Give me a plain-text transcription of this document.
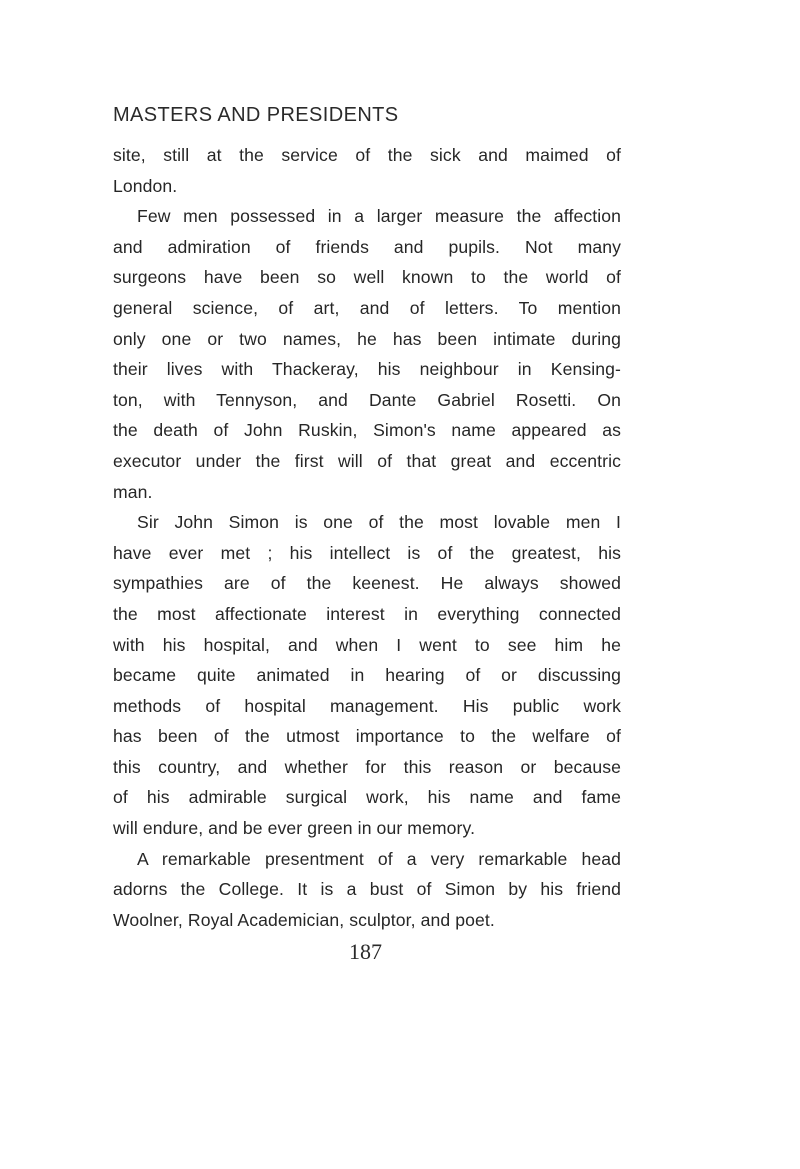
MASTERS AND PRESIDENTS
site, still at the service of the sick and maimed of
London.
Few men possessed in a larger measure the affection
and admiration of friends and pupils. Not many
surgeons have been so well known to the world of
general science, of art, and of letters. To mention
only one or two names, he has been intimate during
their lives with Thackeray, his neighbour in Kensing-
ton, with Tennyson, and Dante Gabriel Rosetti. On
the death of John Ruskin, Simon's name appeared as
executor under the first will of that great and eccentric
man.
Sir John Simon is one of the most lovable men I
have ever met ; his intellect is of the greatest, his
sympathies are of the keenest. He always showed
the most affectionate interest in everything connected
with his hospital, and when I went to see him he
became quite animated in hearing of or discussing
methods of hospital management. His public work
has been of the utmost importance to the welfare of
this country, and whether for this reason or because
of his admirable surgical work, his name and fame
will endure, and be ever green in our memory.
A remarkable presentment of a very remarkable head
adorns the College. It is a bust of Simon by his friend
Woolner, Royal Academician, sculptor, and poet.
187
